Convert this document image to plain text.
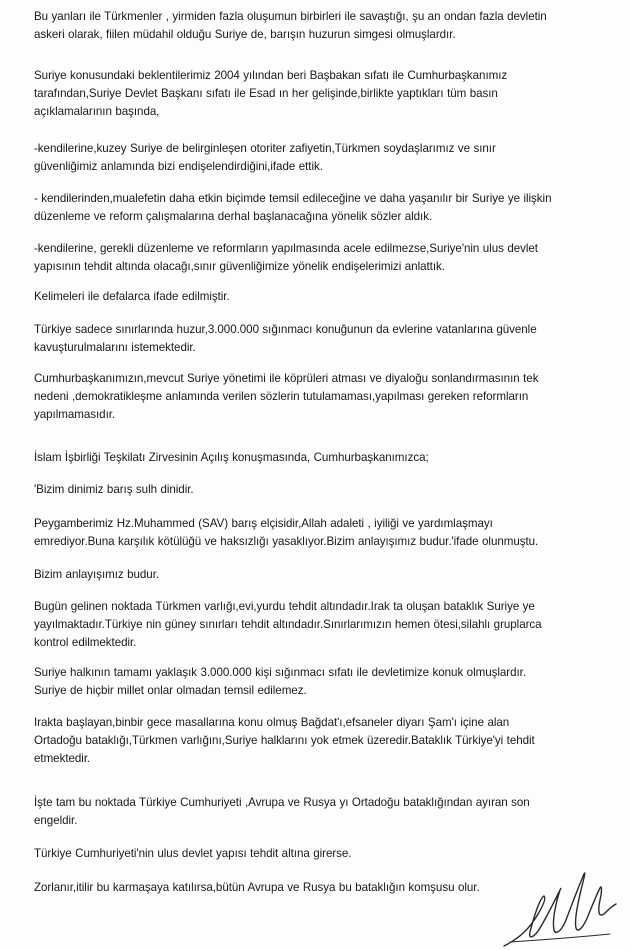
Bu yanları ile Türkmenler , yirmiden fazla oluşumun birbirleri ile savaştığı, şu an ondan fazla devletin
askeri olarak, fiilen müdahil olduğu Suriye de, barışın huzurun simgesi olmuşlardır.

Suriye konusundaki beklentilerimiz 2004 yılından beri Başbakan sıfatı ile Cumhurbaşkanımız
tarafından,Suriye Devlet Başkanı sıfatı ile Esad ın her gelişinde,birlikte yaptıkları tüm basın
açıklamalarının başında,

-kendilerine,kuzey Suriye de belirginleşen otoriter zafiyetin,Türkmen soydaşlarımız ve sınır
güvenliğimiz anlamında bizi endişelendirdiğini,ifade ettik.

- kendilerinden,mualefetin daha etkin biçimde temsil edileceğine ve daha yaşanılır bir Suriye ye ilişkin
düzenleme ve reform çalışmalarına derhal başlanacağına yönelik sözler aldık.

-kendilerine, gerekli düzenleme ve reformların yapılmasında acele edilmezse,Suriye'nin ulus devlet
yapısının tehdit altında olacağı,sınır güvenliğimize yönelik endişelerimizi anlattık.

Kelimeleri ile defalarca ifade edilmiştir.

Türkiye sadece sınırlarında huzur,3.000.000 sığınmacı konuğunun da evlerine vatanlarına güvenle
kavuşturulmalarını istemektedir.

Cumhurbaşkanımızın,mevcut Suriye yönetimi ile köprüleri atması ve diyaloğu sonlandırmasının tek
nedeni ,demokratikleşme anlamında verilen sözlerin tutulamaması,yapılması gereken reformların
yapılmamasıdır.

İslam İşbirliği Teşkilatı Zirvesinin Açılış konuşmasında, Cumhurbaşkanımızca;

'Bizim dinimiz barış sulh dinidir.

Peygamberimiz Hz.Muhammed (SAV) barış elçisidir,Allah adaleti , iyiliği ve yardımlaşmayı
emrediyor.Buna karşılık kötülüğü ve haksızlığı yasaklıyor.Bizim anlayışımız budur.'ifade olunmuştu.

Bizim anlayışımız budur.

Bugün gelinen noktada Türkmen varlığı,evi,yurdu tehdit altındadır.Irak ta oluşan bataklık Suriye ye
yayılmaktadır.Türkiye nin güney sınırları tehdit altındadır.Sınırlarımızın hemen ötesi,silahlı gruplarca
kontrol edilmektedir.

Suriye halkının tamamı yaklaşık 3.000.000 kişi sığınmacı sıfatı ile devletimize konuk olmuşlardır.
Suriye de hiçbir millet onlar olmadan temsil edilemez.

Irakta başlayan,binbir gece masallarına konu olmuş Bağdat'ı,efsaneler diyarı Şam'ı içine alan
Ortadoğu bataklığı,Türkmen varlığını,Suriye halklarını yok etmek üzeredir.Bataklık Türkiye'yi tehdit
etmektedir.

İşte tam bu noktada Türkiye Cumhuriyeti ,Avrupa ve Rusya yı Ortadoğu bataklığından ayıran son
engeldir.

Türkiye Cumhuriyeti'nin ulus devlet yapısı tehdit altına girerse.

Zorlanır,itilir bu karmaşaya katılırsa,bütün Avrupa ve Rusya bu bataklığın komşusu olur.
